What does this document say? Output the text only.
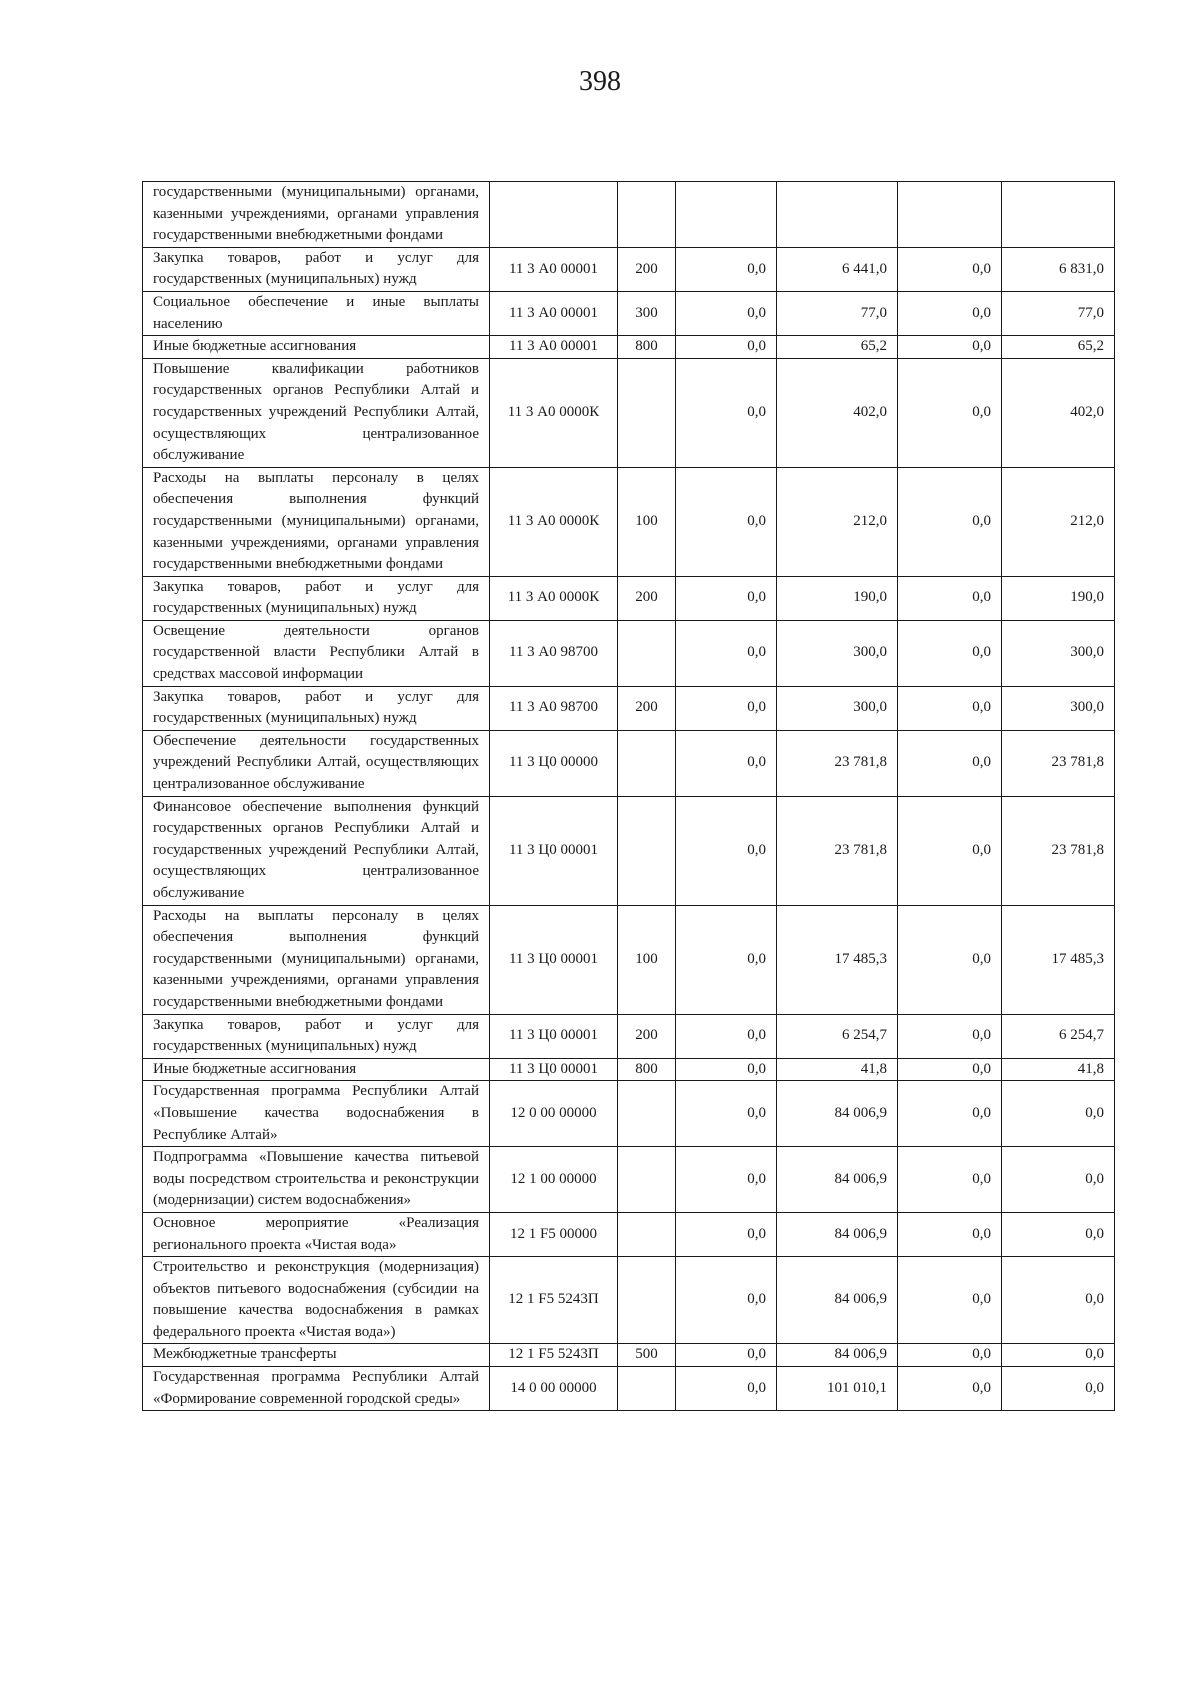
398
государственными (муниципальными) органами, казенными учреждениями, органами управления государственными внебюджетными фондами						
Закупка товаров, работ и услуг для государственных (муниципальных) нужд	11 3 А0 00001	200	0,0	6 441,0	0,0	6 831,0
Социальное обеспечение и иные выплаты населению	11 3 А0 00001	300	0,0	77,0	0,0	77,0
Иные бюджетные ассигнования	11 3 А0 00001	800	0,0	65,2	0,0	65,2
Повышение квалификации работников государственных органов Республики Алтай и государственных учреждений Республики Алтай, осуществляющих централизованное обслуживание	11 3 А0 0000К		0,0	402,0	0,0	402,0
Расходы на выплаты персоналу в целях обеспечения выполнения функций государственными (муниципальными) органами, казенными учреждениями, органами управления государственными внебюджетными фондами	11 3 А0 0000К	100	0,0	212,0	0,0	212,0
Закупка товаров, работ и услуг для государственных (муниципальных) нужд	11 3 А0 0000К	200	0,0	190,0	0,0	190,0
Освещение деятельности органов государственной власти Республики Алтай в средствах массовой информации	11 3 А0 98700		0,0	300,0	0,0	300,0
Закупка товаров, работ и услуг для государственных (муниципальных) нужд	11 3 А0 98700	200	0,0	300,0	0,0	300,0
Обеспечение деятельности государственных учреждений Республики Алтай, осуществляющих централизованное обслуживание	11 3 Ц0 00000		0,0	23 781,8	0,0	23 781,8
Финансовое обеспечение выполнения функций государственных органов Республики Алтай и государственных учреждений Республики Алтай, осуществляющих централизованное обслуживание	11 3 Ц0 00001		0,0	23 781,8	0,0	23 781,8
Расходы на выплаты персоналу в целях обеспечения выполнения функций государственными (муниципальными) органами, казенными учреждениями, органами управления государственными внебюджетными фондами	11 3 Ц0 00001	100	0,0	17 485,3	0,0	17 485,3
Закупка товаров, работ и услуг для государственных (муниципальных) нужд	11 3 Ц0 00001	200	0,0	6 254,7	0,0	6 254,7
Иные бюджетные ассигнования	11 3 Ц0 00001	800	0,0	41,8	0,0	41,8
Государственная программа Республики Алтай «Повышение качества водоснабжения в Республике Алтай»	12 0 00 00000		0,0	84 006,9	0,0	0,0
Подпрограмма «Повышение качества питьевой воды посредством строительства и реконструкции (модернизации) систем водоснабжения»	12 1 00 00000		0,0	84 006,9	0,0	0,0
Основное мероприятие «Реализация регионального проекта «Чистая вода»	12 1 F5 00000		0,0	84 006,9	0,0	0,0
Строительство и реконструкция (модернизация) объектов питьевого водоснабжения (субсидии на повышение качества водоснабжения в рамках федерального проекта «Чистая вода»)	12 1 F5 5243П		0,0	84 006,9	0,0	0,0
Межбюджетные трансферты	12 1 F5 5243П	500	0,0	84 006,9	0,0	0,0
Государственная программа Республики Алтай «Формирование современной городской среды»	14 0 00 00000		0,0	101 010,1	0,0	0,0
